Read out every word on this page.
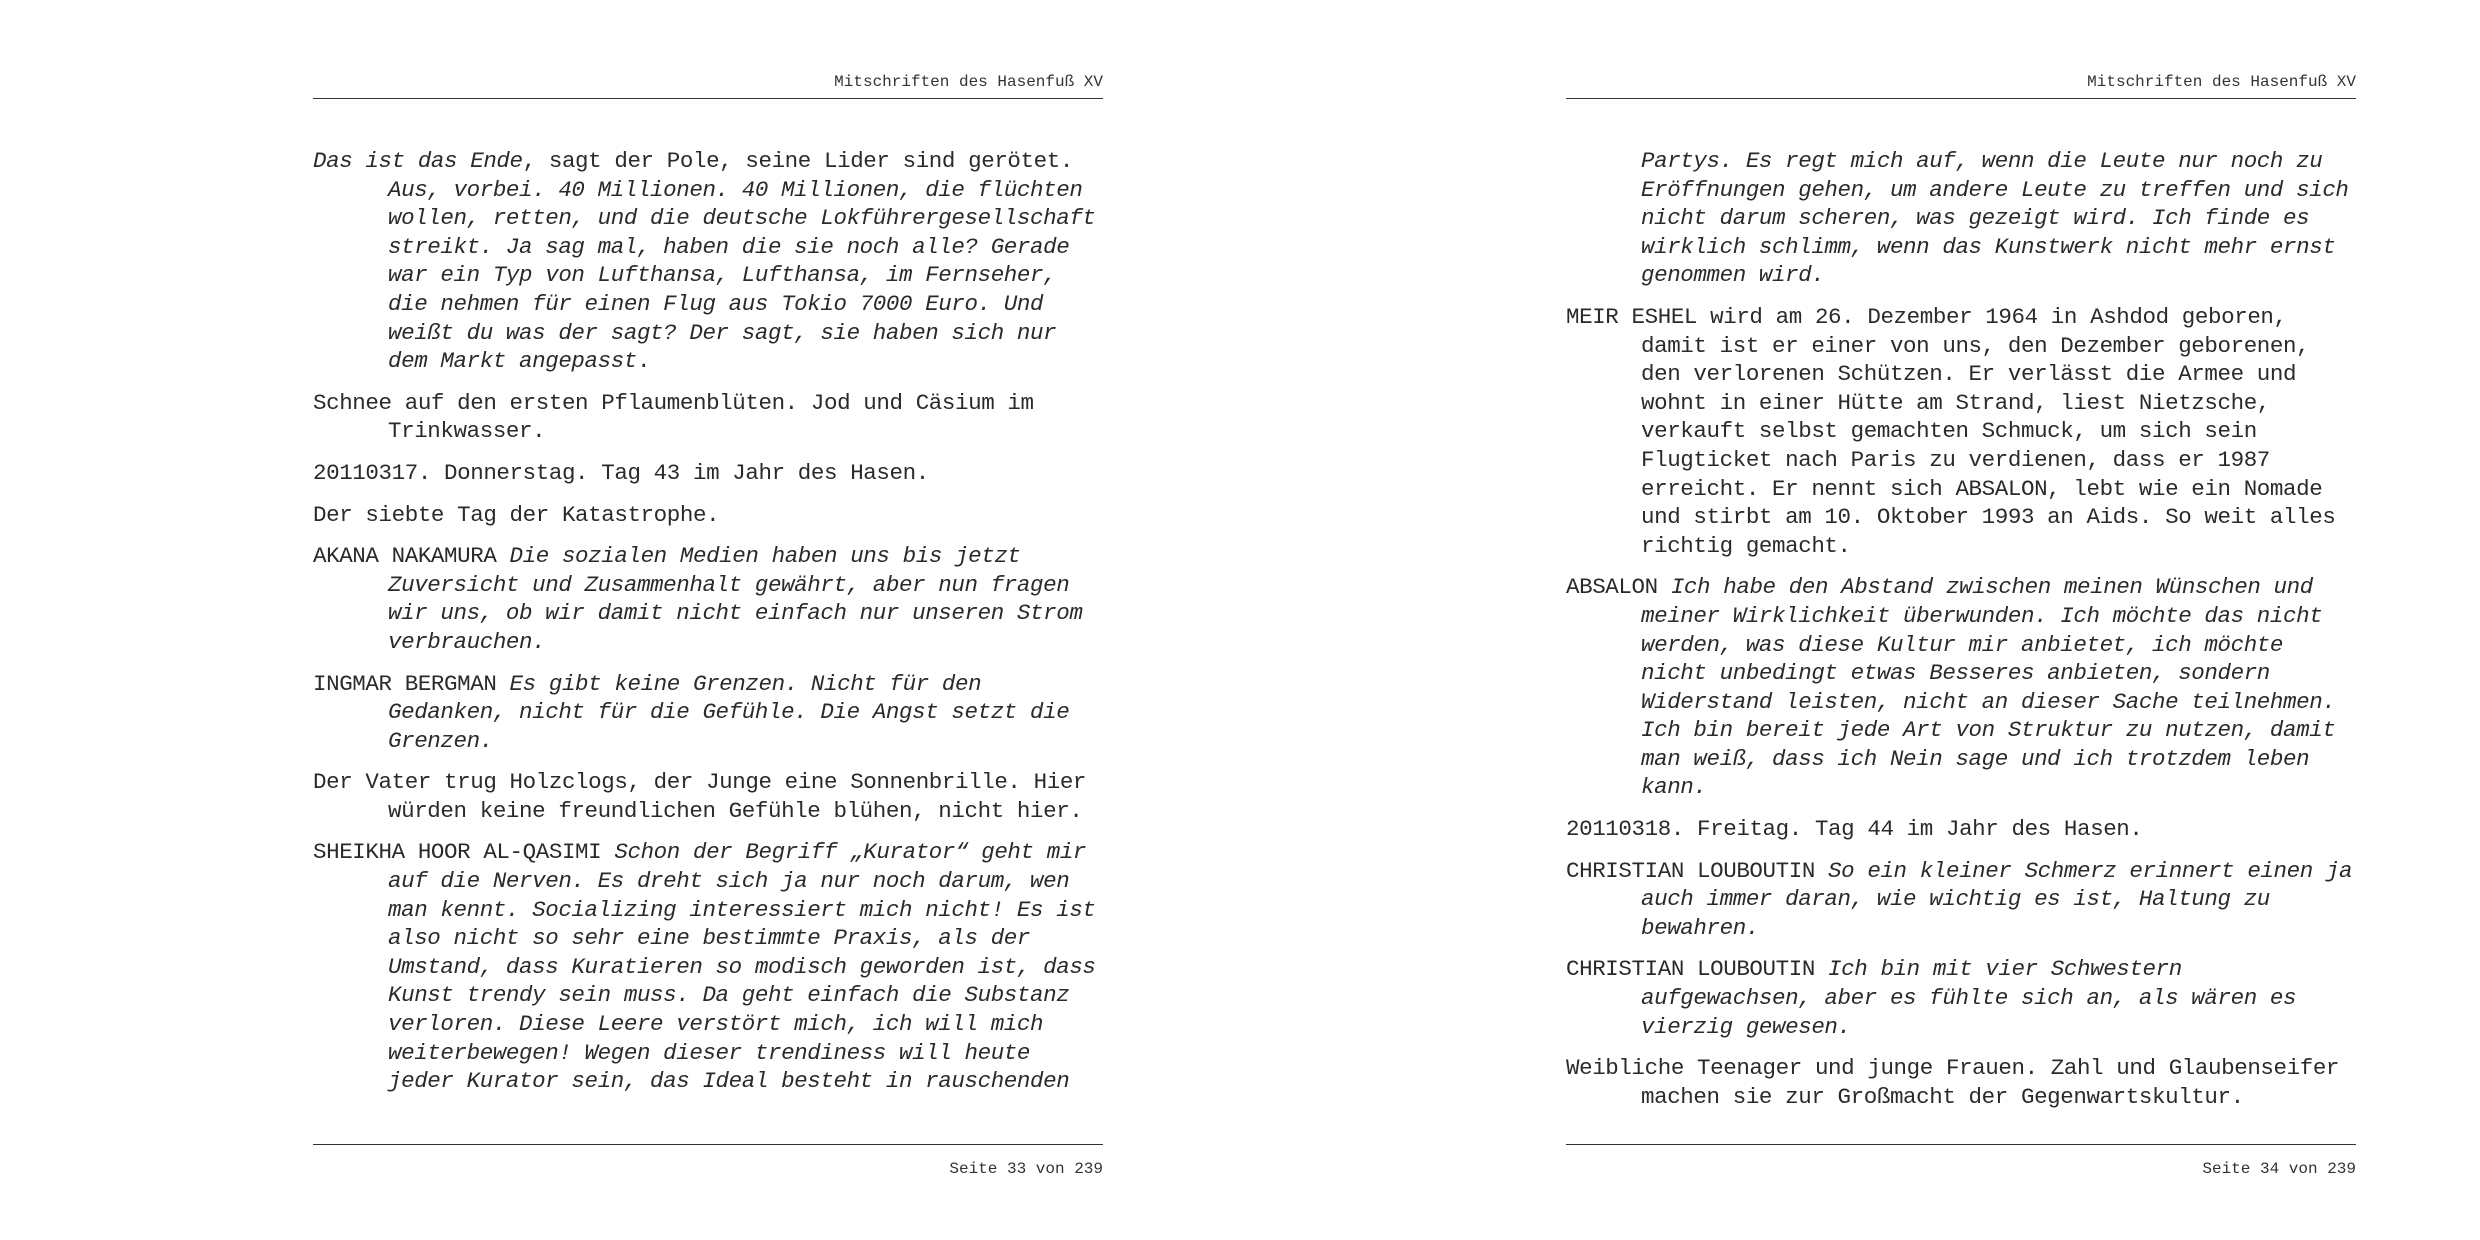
Mitschriften des Hasenfuß XV

Das ist das Ende, sagt der Pole, seine Lider sind gerötet. Aus, vorbei. 40 Millionen. 40 Millionen, die flüchten wollen, retten, und die deutsche Lokführergesellschaft streikt. Ja sag mal, haben die sie noch alle? Gerade war ein Typ von Lufthansa, Lufthansa, im Fernseher, die nehmen für einen Flug aus Tokio 7000 Euro. Und weißt du was der sagt? Der sagt, sie haben sich nur dem Markt angepasst.

Schnee auf den ersten Pflaumenblüten. Jod und Cäsium im Trinkwasser.

20110317. Donnerstag. Tag 43 im Jahr des Hasen.

Der siebte Tag der Katastrophe.

AKANA NAKAMURA Die sozialen Medien haben uns bis jetzt Zuversicht und Zusammenhalt gewährt, aber nun fragen wir uns, ob wir damit nicht einfach nur unseren Strom verbrauchen.

INGMAR BERGMAN Es gibt keine Grenzen. Nicht für den Gedanken, nicht für die Gefühle. Die Angst setzt die Grenzen.

Der Vater trug Holzclogs, der Junge eine Sonnenbrille. Hier würden keine freundlichen Gefühle blühen, nicht hier.

SHEIKHA HOOR AL-QASIMI Schon der Begriff „Kurator“ geht mir auf die Nerven. Es dreht sich ja nur noch darum, wen man kennt. Socializing interessiert mich nicht! Es ist also nicht so sehr eine bestimmte Praxis, als der Umstand, dass Kuratieren so modisch geworden ist, dass Kunst trendy sein muss. Da geht einfach die Substanz verloren. Diese Leere verstört mich, ich will mich weiterbewegen! Wegen dieser trendiness will heute jeder Kurator sein, das Ideal besteht in rauschenden

Seite 33 von 239
Mitschriften des Hasenfuß XV

Partys. Es regt mich auf, wenn die Leute nur noch zu Eröffnungen gehen, um andere Leute zu treffen und sich nicht darum scheren, was gezeigt wird. Ich finde es wirklich schlimm, wenn das Kunstwerk nicht mehr ernst genommen wird.

MEIR ESHEL wird am 26. Dezember 1964 in Ashdod geboren, damit ist er einer von uns, den Dezember geborenen, den verlorenen Schützen. Er verlässt die Armee und wohnt in einer Hütte am Strand, liest Nietzsche, verkauft selbst gemachten Schmuck, um sich sein Flugticket nach Paris zu verdienen, dass er 1987 erreicht. Er nennt sich ABSALON, lebt wie ein Nomade und stirbt am 10. Oktober 1993 an Aids. So weit alles richtig gemacht.

ABSALON Ich habe den Abstand zwischen meinen Wünschen und meiner Wirklichkeit überwunden. Ich möchte das nicht werden, was diese Kultur mir anbietet, ich möchte nicht unbedingt etwas Besseres anbieten, sondern Widerstand leisten, nicht an dieser Sache teilnehmen. Ich bin bereit jede Art von Struktur zu nutzen, damit man weiß, dass ich Nein sage und ich trotzdem leben kann.

20110318. Freitag. Tag 44 im Jahr des Hasen.

CHRISTIAN LOUBOUTIN So ein kleiner Schmerz erinnert einen ja auch immer daran, wie wichtig es ist, Haltung zu bewahren.

CHRISTIAN LOUBOUTIN Ich bin mit vier Schwestern aufgewachsen, aber es fühlte sich an, als wären es vierzig gewesen.

Weibliche Teenager und junge Frauen. Zahl und Glaubenseifer machen sie zur Großmacht der Gegenwartskultur.

Seite 34 von 239
